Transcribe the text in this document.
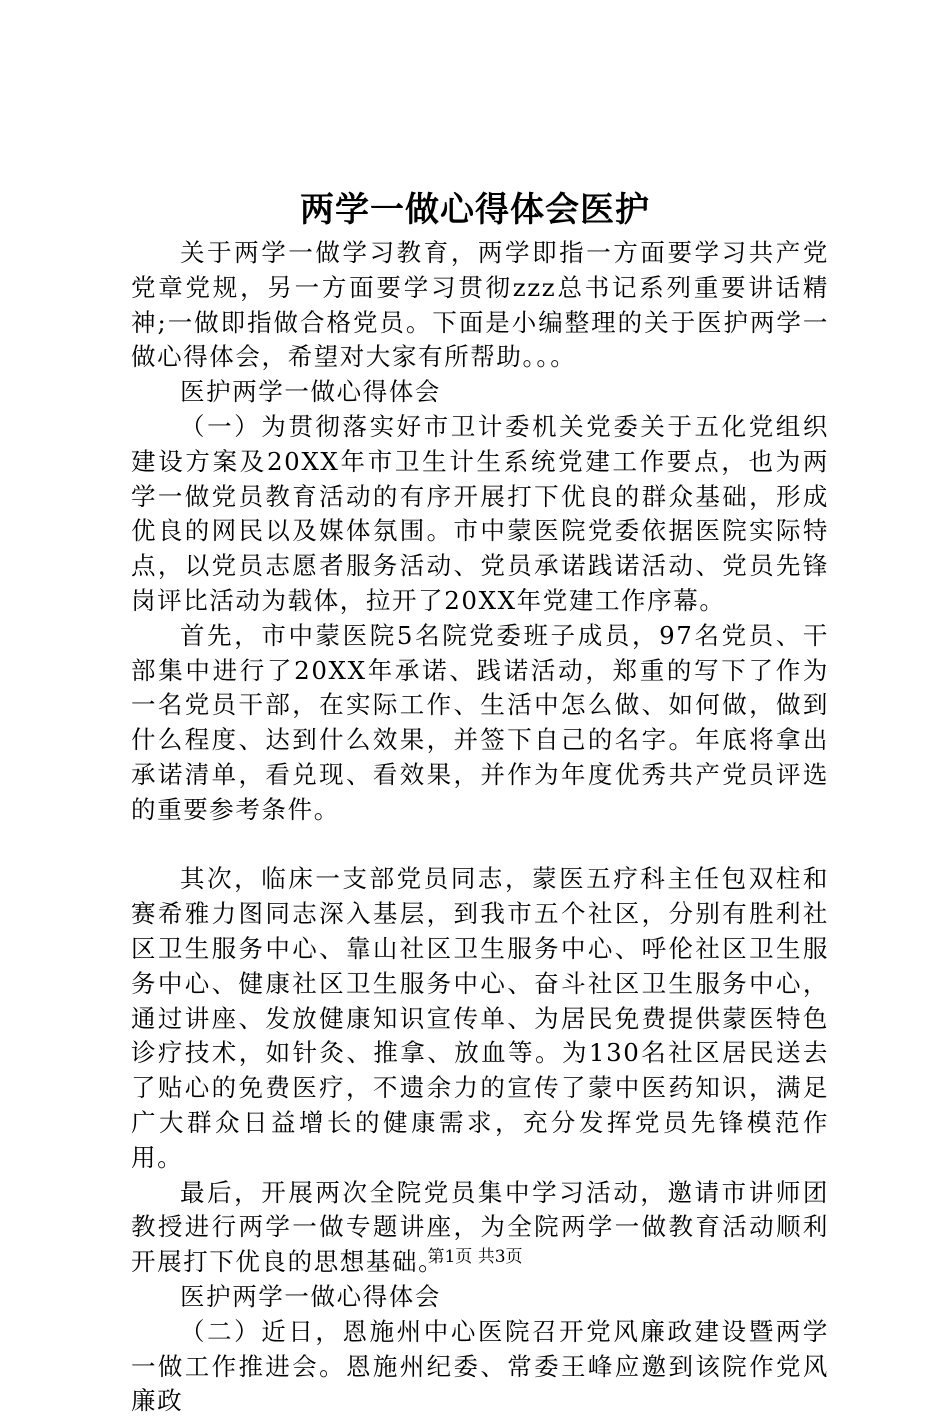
两学一做心得体会医护

关于两学一做学习教育，两学即指一方面要学习共产党党章党规，另一方面要学习贯彻zzz总书记系列重要讲话精神;一做即指做合格党员。下面是小编整理的关于医护两学一做心得体会，希望对大家有所帮助。。。

医护两学一做心得体会

（一）为贯彻落实好市卫计委机关党委关于五化党组织建设方案及20XX年市卫生计生系统党建工作要点，也为两学一做党员教育活动的有序开展打下优良的群众基础，形成优良的网民以及媒体氛围。市中蒙医院党委依据医院实际特点，以党员志愿者服务活动、党员承诺践诺活动、党员先锋岗评比活动为载体，拉开了20XX年党建工作序幕。

首先，市中蒙医院5名院党委班子成员，97名党员、干部集中进行了20XX年承诺、践诺活动，郑重的写下了作为一名党员干部，在实际工作、生活中怎么做、如何做，做到什么程度、达到什么效果，并签下自己的名字。年底将拿出承诺清单，看兑现、看效果，并作为年度优秀共产党员评选的重要参考条件。

其次，临床一支部党员同志，蒙医五疗科主任包双柱和赛希雅力图同志深入基层，到我市五个社区，分别有胜利社区卫生服务中心、靠山社区卫生服务中心、呼伦社区卫生服务中心、健康社区卫生服务中心、奋斗社区卫生服务中心，通过讲座、发放健康知识宣传单、为居民免费提供蒙医特色诊疗技术，如针灸、推拿、放血等。为130名社区居民送去了贴心的免费医疗，不遗余力的宣传了蒙中医药知识，满足广大群众日益增长的健康需求，充分发挥党员先锋模范作用。

最后，开展两次全院党员集中学习活动，邀请市讲师团教授进行两学一做专题讲座，为全院两学一做教育活动顺利开展打下优良的思想基础。

医护两学一做心得体会

（二）近日，恩施州中心医院召开党风廉政建设暨两学一做工作推进会。恩施州纪委、常委王峰应邀到该院作党风廉政

第1页 共3页
